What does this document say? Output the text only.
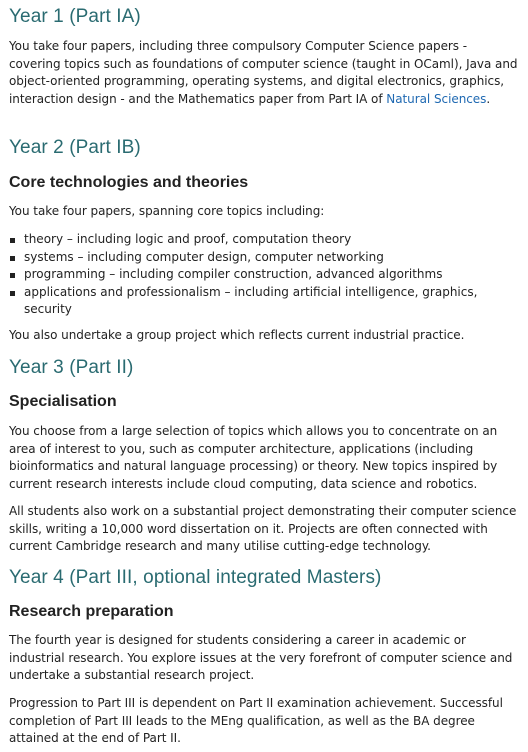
Year 1 (Part IA)

You take four papers, including three compulsory Computer Science papers - covering topics such as foundations of computer science (taught in OCaml), Java and object-oriented programming, operating systems, and digital electronics, graphics, interaction design - and the Mathematics paper from Part IA of Natural Sciences.

Year 2 (Part IB)
Core technologies and theories

You take four papers, spanning core topics including:

theory – including logic and proof, computation theory
systems – including computer design, computer networking
programming – including compiler construction, advanced algorithms
applications and professionalism – including artificial intelligence, graphics, security

You also undertake a group project which reflects current industrial practice.

Year 3 (Part II)
Specialisation

You choose from a large selection of topics which allows you to concentrate on an area of interest to you, such as computer architecture, applications (including bioinformatics and natural language processing) or theory. New topics inspired by current research interests include cloud computing, data science and robotics.

All students also work on a substantial project demonstrating their computer science skills, writing a 10,000 word dissertation on it. Projects are often connected with current Cambridge research and many utilise cutting-edge technology.

Year 4 (Part III, optional integrated Masters)
Research preparation

The fourth year is designed for students considering a career in academic or industrial research. You explore issues at the very forefront of computer science and undertake a substantial research project.

Progression to Part III is dependent on Part II examination achievement. Successful completion of Part III leads to the MEng qualification, as well as the BA degree attained at the end of Part II.
